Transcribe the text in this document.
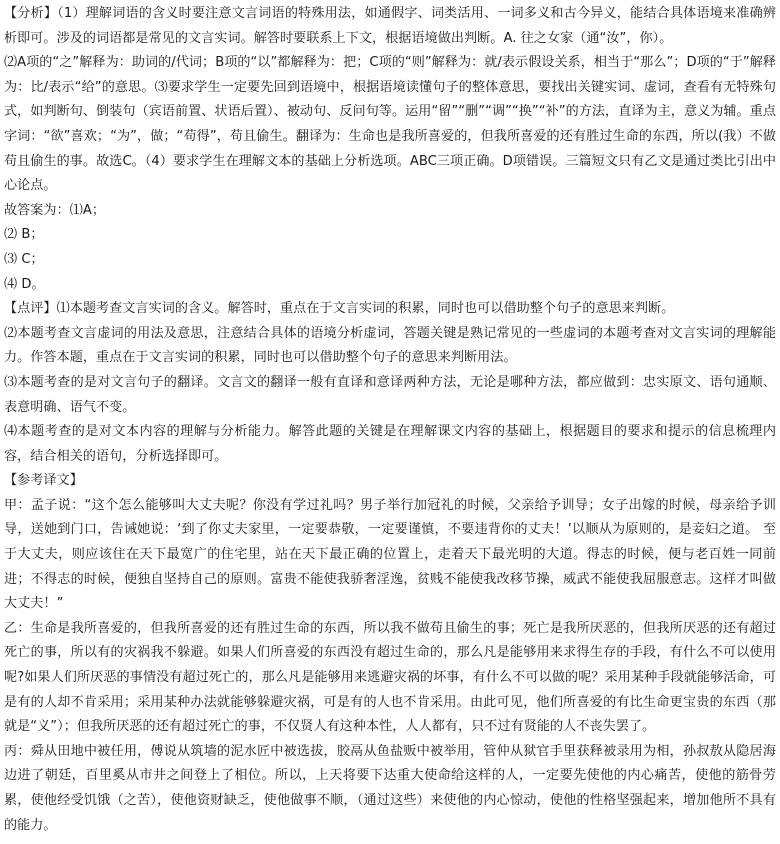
【分析】（1）理解词语的含义时要注意文言词语的特殊用法，如通假字、词类活用、一词多义和古今异义，能结合具体语境来准确辨析即可。涉及的词语都是常见的文言实词。解答时要联系上下文，根据语境做出判断。A. 往之女家（通“汝”，你）。

⑵A项的“之”解释为：助词的/代词；B项的“以”都解释为：把；C项的“则”解释为：就/表示假设关系，相当于“那么”；D项的“于”解释为：比/表示“给”的意思。⑶要求学生一定要先回到语境中，根据语境读懂句子的整体意思，要找出关键实词、虚词，查看有无特殊句式，如判断句、倒装句（宾语前置、状语后置）、被动句、反问句等。运用“留”“删”“调”“换”“补”的方法，直译为主，意义为辅。重点字词：“欲”喜欢；“为”，做；“苟得”，苟且偷生。翻译为：生命也是我所喜爱的，但我所喜爱的还有胜过生命的东西，所以(我）不做苟且偷生的事。故选C。（4）要求学生在理解文本的基础上分析选项。ABC三项正确。D项错误。三篇短文只有乙文是通过类比引出中心论点。

故答案为：⑴A；

⑵ B；

⑶ C；

⑷ D。

【点评】⑴本题考查文言实词的含义。解答时，重点在于文言实词的积累，同时也可以借助整个句子的意思来判断。

⑵本题考查文言虚词的用法及意思，注意结合具体的语境分析虚词，答题关键是熟记常见的一些虚词的本题考查对文言实词的理解能力。作答本题，重点在于文言实词的积累，同时也可以借助整个句子的意思来判断用法。

⑶本题考查的是对文言句子的翻译。文言文的翻译一般有直译和意译两种方法，无论是哪种方法，都应做到：忠实原文、语句通顺、表意明确、语气不变。

⑷本题考查的是对文本内容的理解与分析能力。解答此题的关键是在理解课文内容的基础上，根据题目的要求和提示的信息梳理内容，结合相关的语句，分析选择即可。

【参考译文】

甲：孟子说：“这个怎么能够叫大丈夫呢？你没有学过礼吗？男子举行加冠礼的时候，父亲给予训导；女子出嫁的时候，母亲给予训导，送她到门口，告诫她说：‘到了你丈夫家里，一定要恭敬，一定要谨慎，不要违背你的丈夫！’以顺从为原则的，是妾妇之道。 至于大丈夫，则应该住在天下最宽广的住宅里，站在天下最正确的位置上，走着天下最光明的大道。得志的时候，便与老百姓一同前进；不得志的时候，便独自坚持自己的原则。富贵不能使我骄奢淫逸，贫贱不能使我改移节操，威武不能使我屈服意志。这样才叫做大丈夫！”

乙：生命是我所喜爱的，但我所喜爱的还有胜过生命的东西，所以我不做苟且偷生的事；死亡是我所厌恶的，但我所厌恶的还有超过死亡的事，所以有的灾祸我不躲避。如果人们所喜爱的东西没有超过生命的，那么凡是能够用来求得生存的手段，有什么不可以使用呢?如果人们所厌恶的事情没有超过死亡的，那么凡是能够用来逃避灾祸的坏事，有什么不可以做的呢？采用某种手段就能够活命，可是有的人却不肯采用；采用某种办法就能够躲避灾祸，可是有的人也不肯采用。由此可见，他们所喜爱的有比生命更宝贵的东西（那就是“义”）；但我所厌恶的还有超过死亡的事，不仅贤人有这种本性，人人都有，只不过有贤能的人不丧失罢了。

丙：舜从田地中被任用，傅说从筑墙的泥水匠中被选拔，胶鬲从鱼盐贩中被举用，管仲从狱官手里获释被录用为相，孙叔敖从隐居海边进了朝廷，百里奚从市井之间登上了相位。所以，上天将要下达重大使命给这样的人，一定要先使他的内心痛苦，使他的筋骨劳累，使他经受饥饿（之苦），使他资财缺乏，使他做事不顺，（通过这些）来使他的内心惊动，使他的性格坚强起来，增加他所不具有的能力。
